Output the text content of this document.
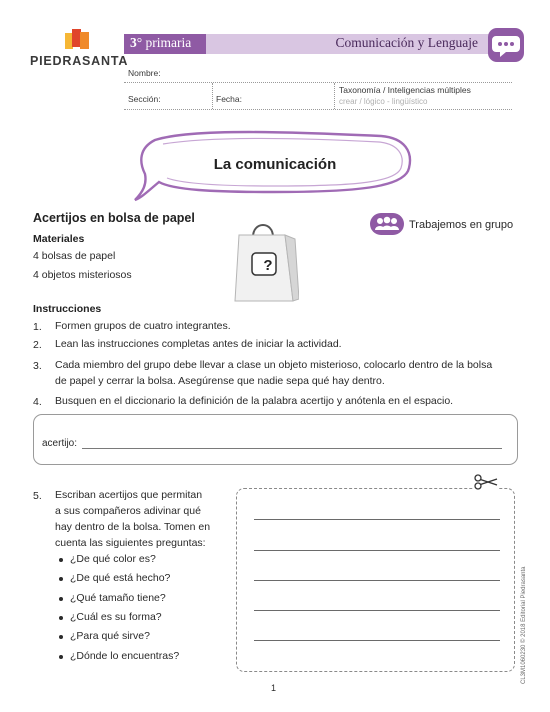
PIEDRASANTA
3° primaria	Comunicación y Lenguaje
Nombre:
Sección:	Fecha:
Taxonomía / Inteligencias múltiples
crear / lógico - lingüístico
La comunicación
Acertijos en bolsa de papel	Trabajemos en grupo
Materiales
4 bolsas de papel
4 objetos misteriosos
?
Instrucciones
1. Formen grupos de cuatro integrantes.
2. Lean las instrucciones completas antes de iniciar la actividad.
3. Cada miembro del grupo debe llevar a clase un objeto misterioso, colocarlo dentro de la bolsa
de papel y cerrar la bolsa. Asegúrense que nadie sepa qué hay dentro.
4. Busquen en el diccionario la definición de la palabra acertijo y anótenla en el espacio.
acertijo:
5. Escriban acertijos que permitan
a sus compañeros adivinar qué
hay dentro de la bolsa. Tomen en
cuenta las siguientes preguntas:
¿De qué color es?
¿De qué está hecho?
¿Qué tamaño tiene?
¿Cuál es su forma?
¿Para qué sirve?
¿Dónde lo encuentras?	CL3M1060230 © 2018 Editorial Piedrasanta
1
